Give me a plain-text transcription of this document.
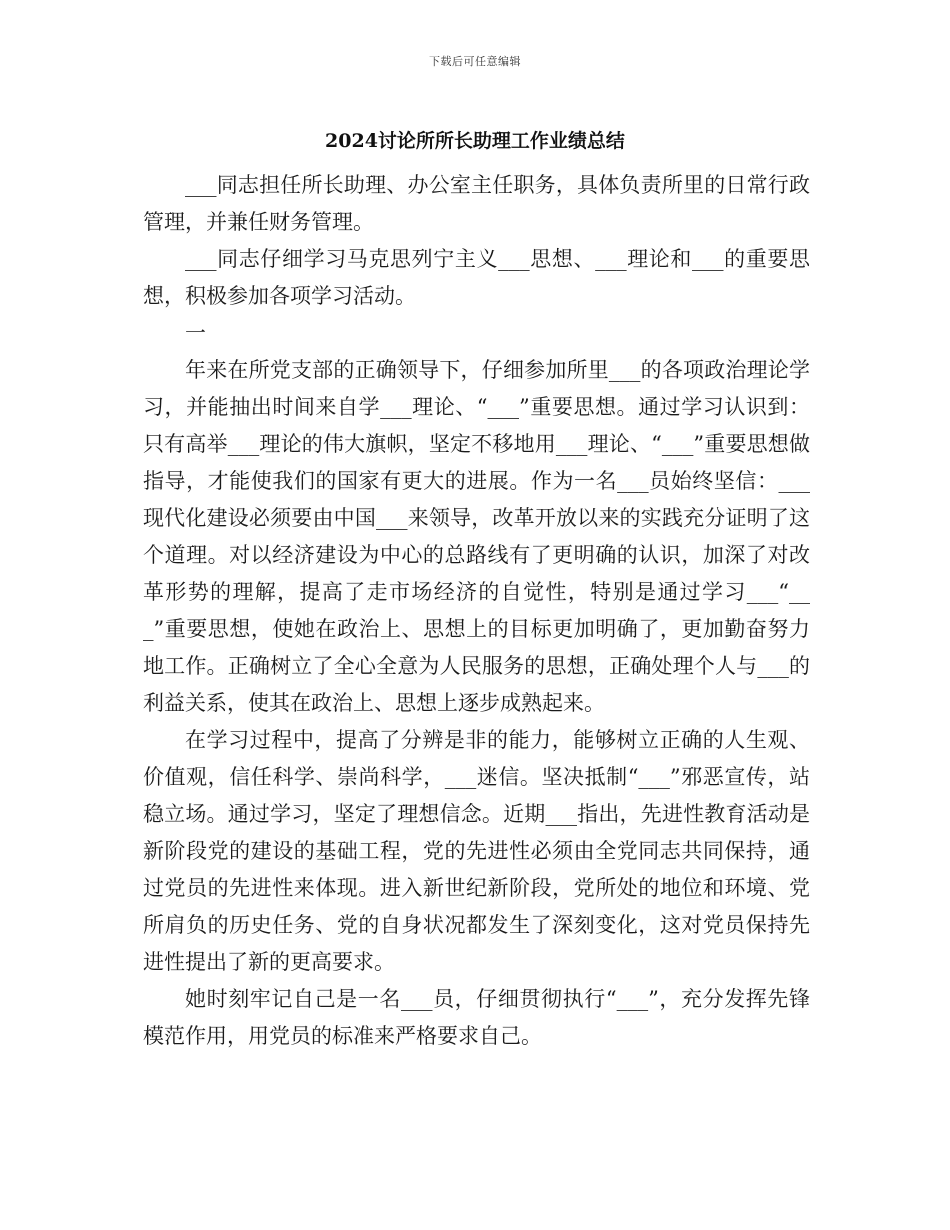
下载后可任意编辑
2024讨论所所长助理工作业绩总结

___同志担任所长助理、办公室主任职务，具体负责所里的日常行政管理，并兼任财务管理。

___同志仔细学习马克思列宁主义___思想、___理论和___的重要思想，积极参加各项学习活动。

一

年来在所党支部的正确领导下，仔细参加所里___的各项政治理论学习，并能抽出时间来自学___理论、“___”重要思想。通过学习认识到：只有高举___理论的伟大旗帜，坚定不移地用___理论、“___”重要思想做指导，才能使我们的国家有更大的进展。作为一名___员始终坚信：___现代化建设必须要由中国___来领导，改革开放以来的实践充分证明了这个道理。对以经济建设为中心的总路线有了更明确的认识，加深了对改革形势的理解，提高了走市场经济的自觉性，特别是通过学习___“___”重要思想，使她在政治上、思想上的目标更加明确了，更加勤奋努力地工作。正确树立了全心全意为人民服务的思想，正确处理个人与___的利益关系，使其在政治上、思想上逐步成熟起来。

在学习过程中，提高了分辨是非的能力，能够树立正确的人生观、价值观，信任科学、崇尚科学，___迷信。坚决抵制“___”邪恶宣传，站稳立场。通过学习，坚定了理想信念。近期___指出，先进性教育活动是新阶段党的建设的基础工程，党的先进性必须由全党同志共同保持，通过党员的先进性来体现。进入新世纪新阶段，党所处的地位和环境、党所肩负的历史任务、党的自身状况都发生了深刻变化，这对党员保持先进性提出了新的更高要求。

她时刻牢记自己是一名___员，仔细贯彻执行“___”，充分发挥先锋模范作用，用党员的标准来严格要求自己。
